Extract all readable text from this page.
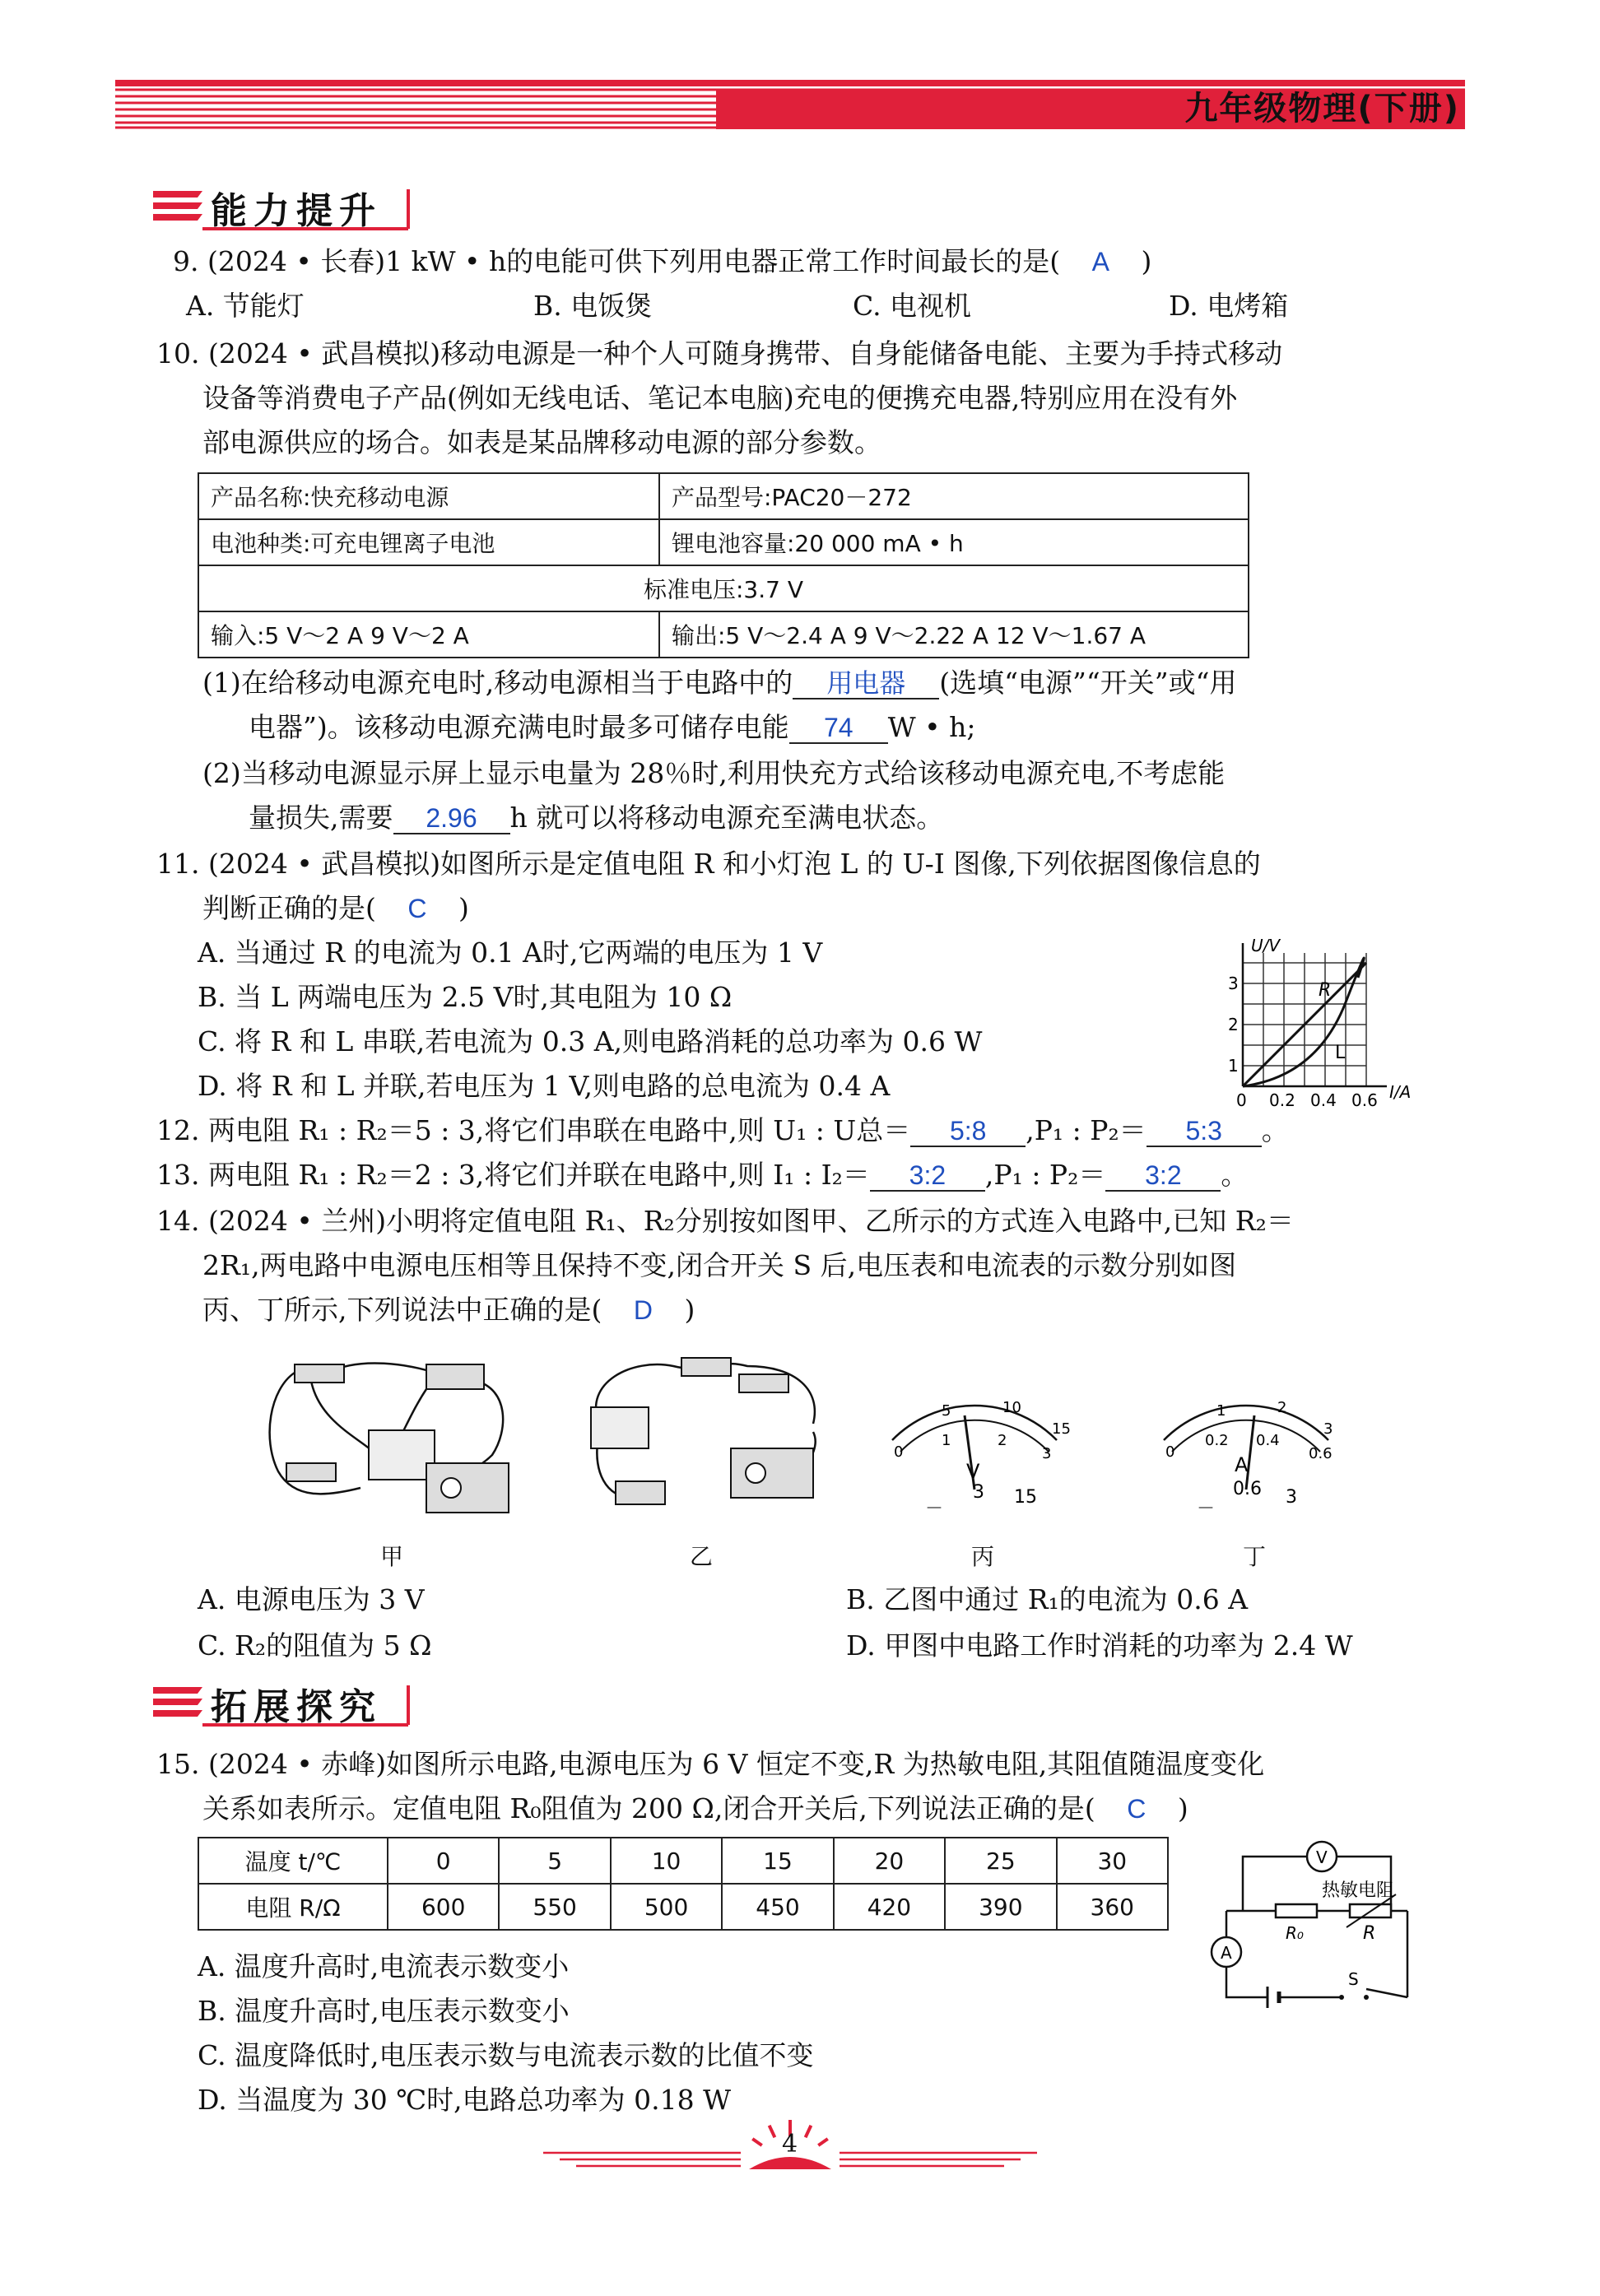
九年级物理(下册)
能力提升
9. (2024 • 长春)1 kW • h的电能可供下列用电器正常工作时间最长的是( A )
A. 节能灯	B. 电饭煲	C. 电视机	D. 电烤箱
10. (2024 • 武昌模拟)移动电源是一种个人可随身携带、自身能储备电能、主要为手持式移动
设备等消费电子产品(例如无线电话、笔记本电脑)充电的便携充电器,特别应用在没有外
部电源供应的场合。如表是某品牌移动电源的部分参数。
产品名称:快充移动电源	产品型号:PAC20－272
电池种类:可充电锂离子电池	锂电池容量:20 000 mA • h
标准电压:3.7 V	
输入:5 V～2 A 9 V～2 A	输出:5 V～2.4 A 9 V～2.22 A 12 V～1.67 A
(1)在给移动电源充电时,移动电源相当于电路中的 用电器 (选填“电源”“开关”或“用
电器”)。该移动电源充满电时最多可储存电能 74 W • h;
(2)当移动电源显示屏上显示电量为 28％时,利用快充方式给该移动电源充电,不考虑能
量损失,需要 2.96 h 就可以将移动电源充至满电状态。
11. (2024 • 武昌模拟)如图所示是定值电阻 R 和小灯泡 L 的 U-I 图像,下列依据图像信息的
判断正确的是( C )
A. 当通过 R 的电流为 0.1 A时,它两端的电压为 1 V
B. 当 L 两端电压为 2.5 V时,其电阻为 10 Ω
C. 将 R 和 L 串联,若电流为 0.3 A,则电路消耗的总功率为 0.6 W
D. 将 R 和 L 并联,若电压为 1 V,则电路的总电流为 0.4 A
U/V
I/A
1
2
3
0 0.2 0.4 0.6
R
L
12. 两电阻 R₁ : R₂＝5 : 3,将它们串联在电路中,则 U₁ : U总＝ 5:8 ,P₁ : P₂＝ 5:3 。
13. 两电阻 R₁ : R₂＝2 : 3,将它们并联在电路中,则 I₁ : I₂＝ 3:2 ,P₁ : P₂＝ 3:2 。
14. (2024 • 兰州)小明将定值电阻 R₁、R₂分别按如图甲、乙所示的方式连入电路中,已知 R₂＝
2R₁,两电路中电源电压相等且保持不变,闭合开关 S 后,电压表和电流表的示数分别如图
丙、丁所示,下列说法中正确的是( D )
5	10
15
0
1	2
3
V
－
3 15
1	2
3
0
0.2 0.4
0.6
A
－
0.6 3
甲	乙	丙	丁
A. 电源电压为 3 V	B. 乙图中通过 R₁的电流为 0.6 A
C. R₂的阻值为 5 Ω	D. 甲图中电路工作时消耗的功率为 2.4 W
拓展探究
15. (2024 • 赤峰)如图所示电路,电源电压为 6 V 恒定不变,R 为热敏电阻,其阻值随温度变化
关系如表所示。定值电阻 R₀阻值为 200 Ω,闭合开关后,下列说法正确的是( C )
温度 t/℃	0	5	10	15	20	25	30
电阻 R/Ω	600	550	500	450	420	390	360
V
A
R₀	R
S
热敏电阻
A. 温度升高时,电流表示数变小
B. 温度升高时,电压表示数变小
C. 温度降低时,电压表示数与电流表示数的比值不变
D. 当温度为 30 ℃时,电路总功率为 0.18 W
4
